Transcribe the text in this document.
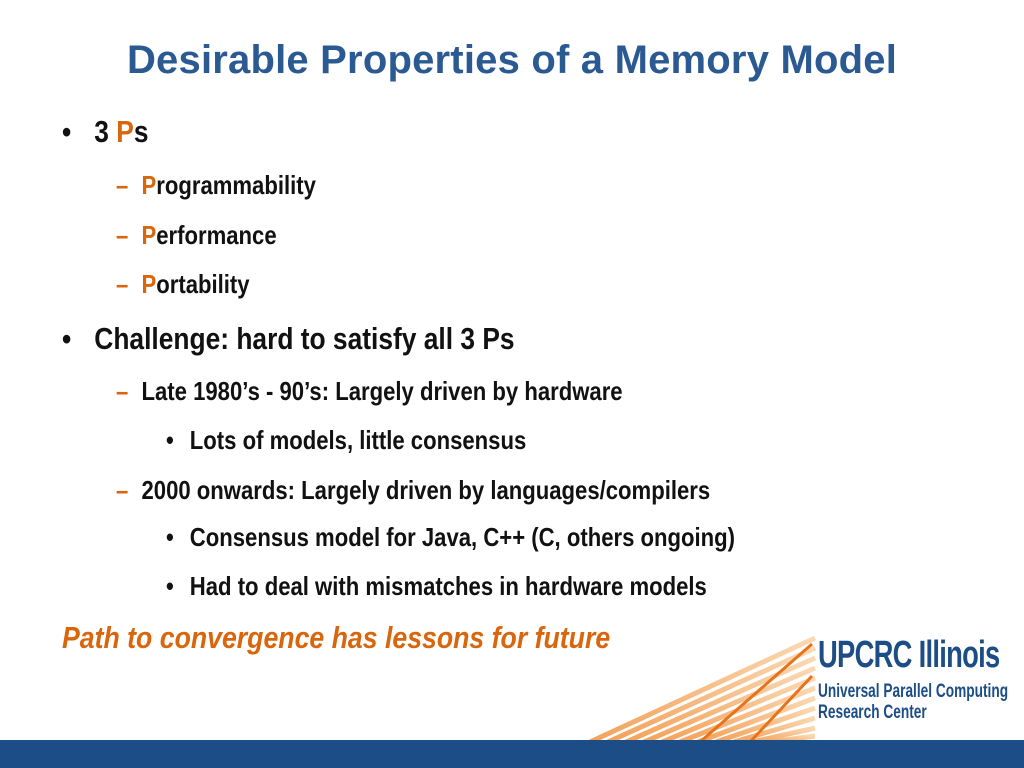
Desirable Properties of a Memory Model
• 3 Ps
– Programmability
– Performance
– Portability
• Challenge: hard to satisfy all 3 Ps
– Late 1980’s - 90’s: Largely driven by hardware
• Lots of models, little consensus
– 2000 onwards: Largely driven by languages/compilers
• Consensus model for Java, C++ (C, others ongoing)
• Had to deal with mismatches in hardware models
Path to convergence has lessons for future	UPCRC Illinois
Universal Parallel Computing
Research Center
